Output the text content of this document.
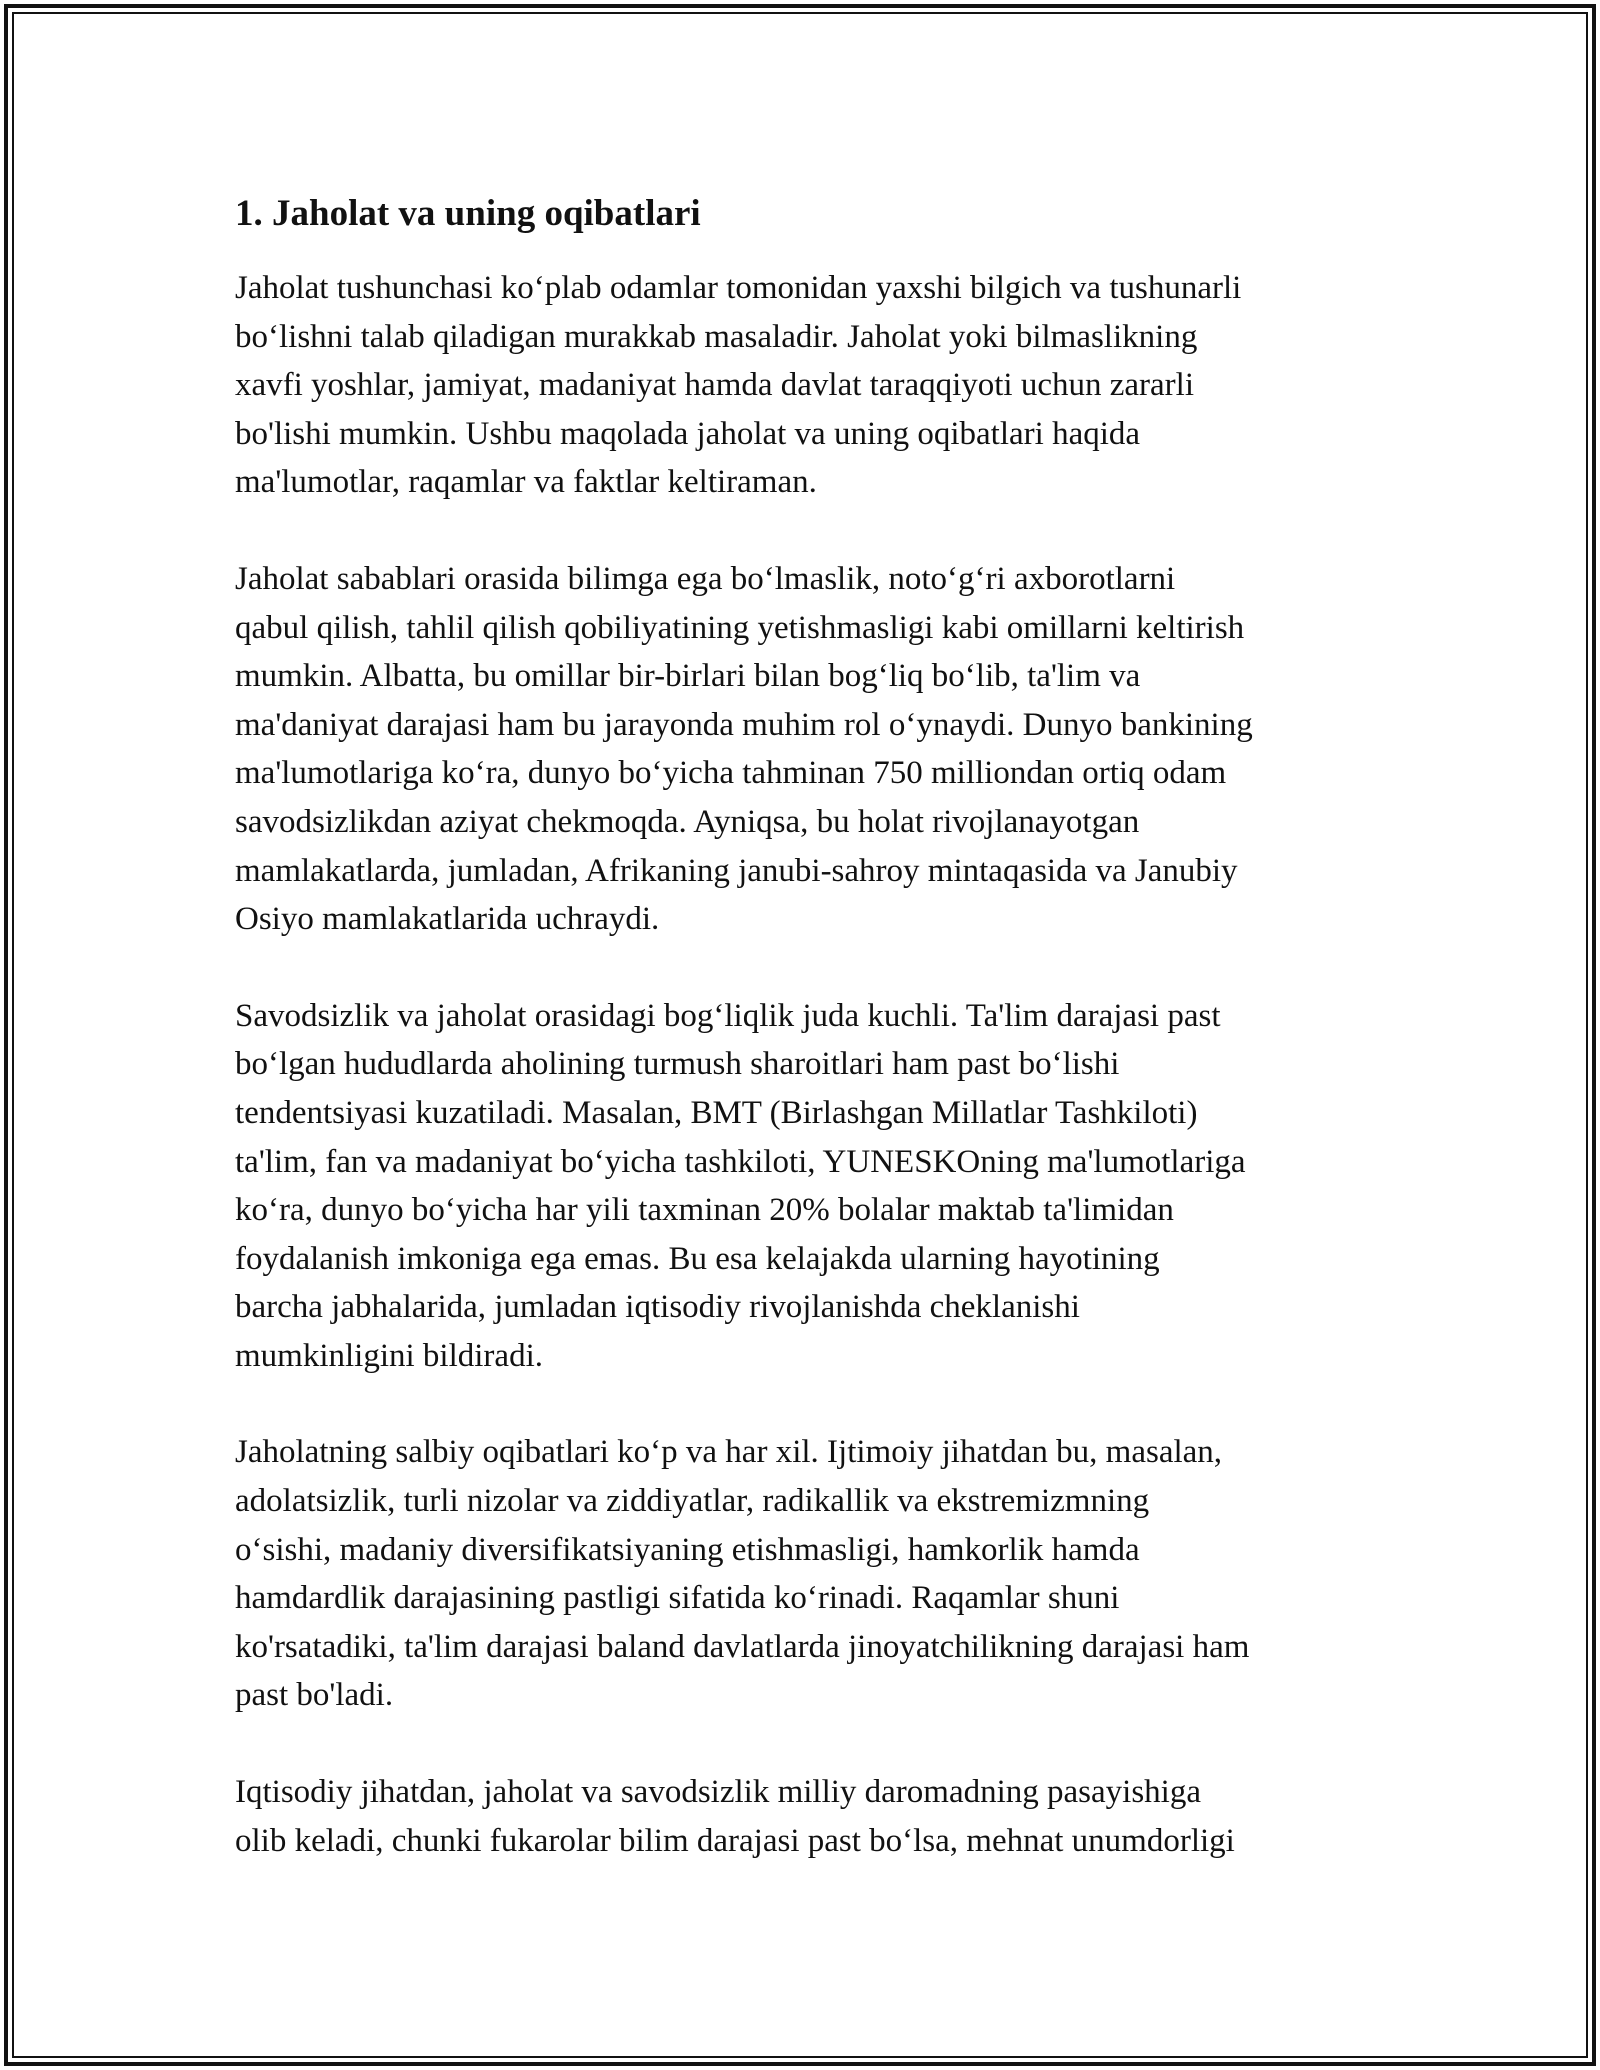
1. Jaholat va uning oqibatlari

Jaholat tushunchasi koʻplab odamlar tomonidan yaxshi bilgich va tushunarli
boʻlishni talab qiladigan murakkab masaladir. Jaholat yoki bilmaslikning
xavfi yoshlar, jamiyat, madaniyat hamda davlat taraqqiyoti uchun zararli
bo'lishi mumkin. Ushbu maqolada jaholat va uning oqibatlari haqida
ma'lumotlar, raqamlar va faktlar keltiraman.

Jaholat sabablari orasida bilimga ega boʻlmaslik, notoʻgʻri axborotlarni
qabul qilish, tahlil qilish qobiliyatining yetishmasligi kabi omillarni keltirish
mumkin. Albatta, bu omillar bir-birlari bilan bogʻliq boʻlib, ta'lim va
ma'daniyat darajasi ham bu jarayonda muhim rol oʻynaydi. Dunyo bankining
ma'lumotlariga koʻra, dunyo boʻyicha tahminan 750 milliondan ortiq odam
savodsizlikdan aziyat chekmoqda. Ayniqsa, bu holat rivojlanayotgan
mamlakatlarda, jumladan, Afrikaning janubi-sahroy mintaqasida va Janubiy
Osiyo mamlakatlarida uchraydi.

Savodsizlik va jaholat orasidagi bogʻliqlik juda kuchli. Ta'lim darajasi past
boʻlgan hududlarda aholining turmush sharoitlari ham past boʻlishi
tendentsiyasi kuzatiladi. Masalan, BMT (Birlashgan Millatlar Tashkiloti)
ta'lim, fan va madaniyat boʻyicha tashkiloti, YUNESKOning ma'lumotlariga
koʻra, dunyo boʻyicha har yili taxminan 20% bolalar maktab ta'limidan
foydalanish imkoniga ega emas. Bu esa kelajakda ularning hayotining
barcha jabhalarida, jumladan iqtisodiy rivojlanishda cheklanishi
mumkinligini bildiradi.

Jaholatning salbiy oqibatlari koʻp va har xil. Ijtimoiy jihatdan bu, masalan,
adolatsizlik, turli nizolar va ziddiyatlar, radikallik va ekstremizmning
oʻsishi, madaniy diversifikatsiyaning etishmasligi, hamkorlik hamda
hamdardlik darajasining pastligi sifatida koʻrinadi. Raqamlar shuni
ko'rsatadiki, ta'lim darajasi baland davlatlarda jinoyatchilikning darajasi ham
past bo'ladi.

Iqtisodiy jihatdan, jaholat va savodsizlik milliy daromadning pasayishiga
olib keladi, chunki fukarolar bilim darajasi past boʻlsa, mehnat unumdorligi
